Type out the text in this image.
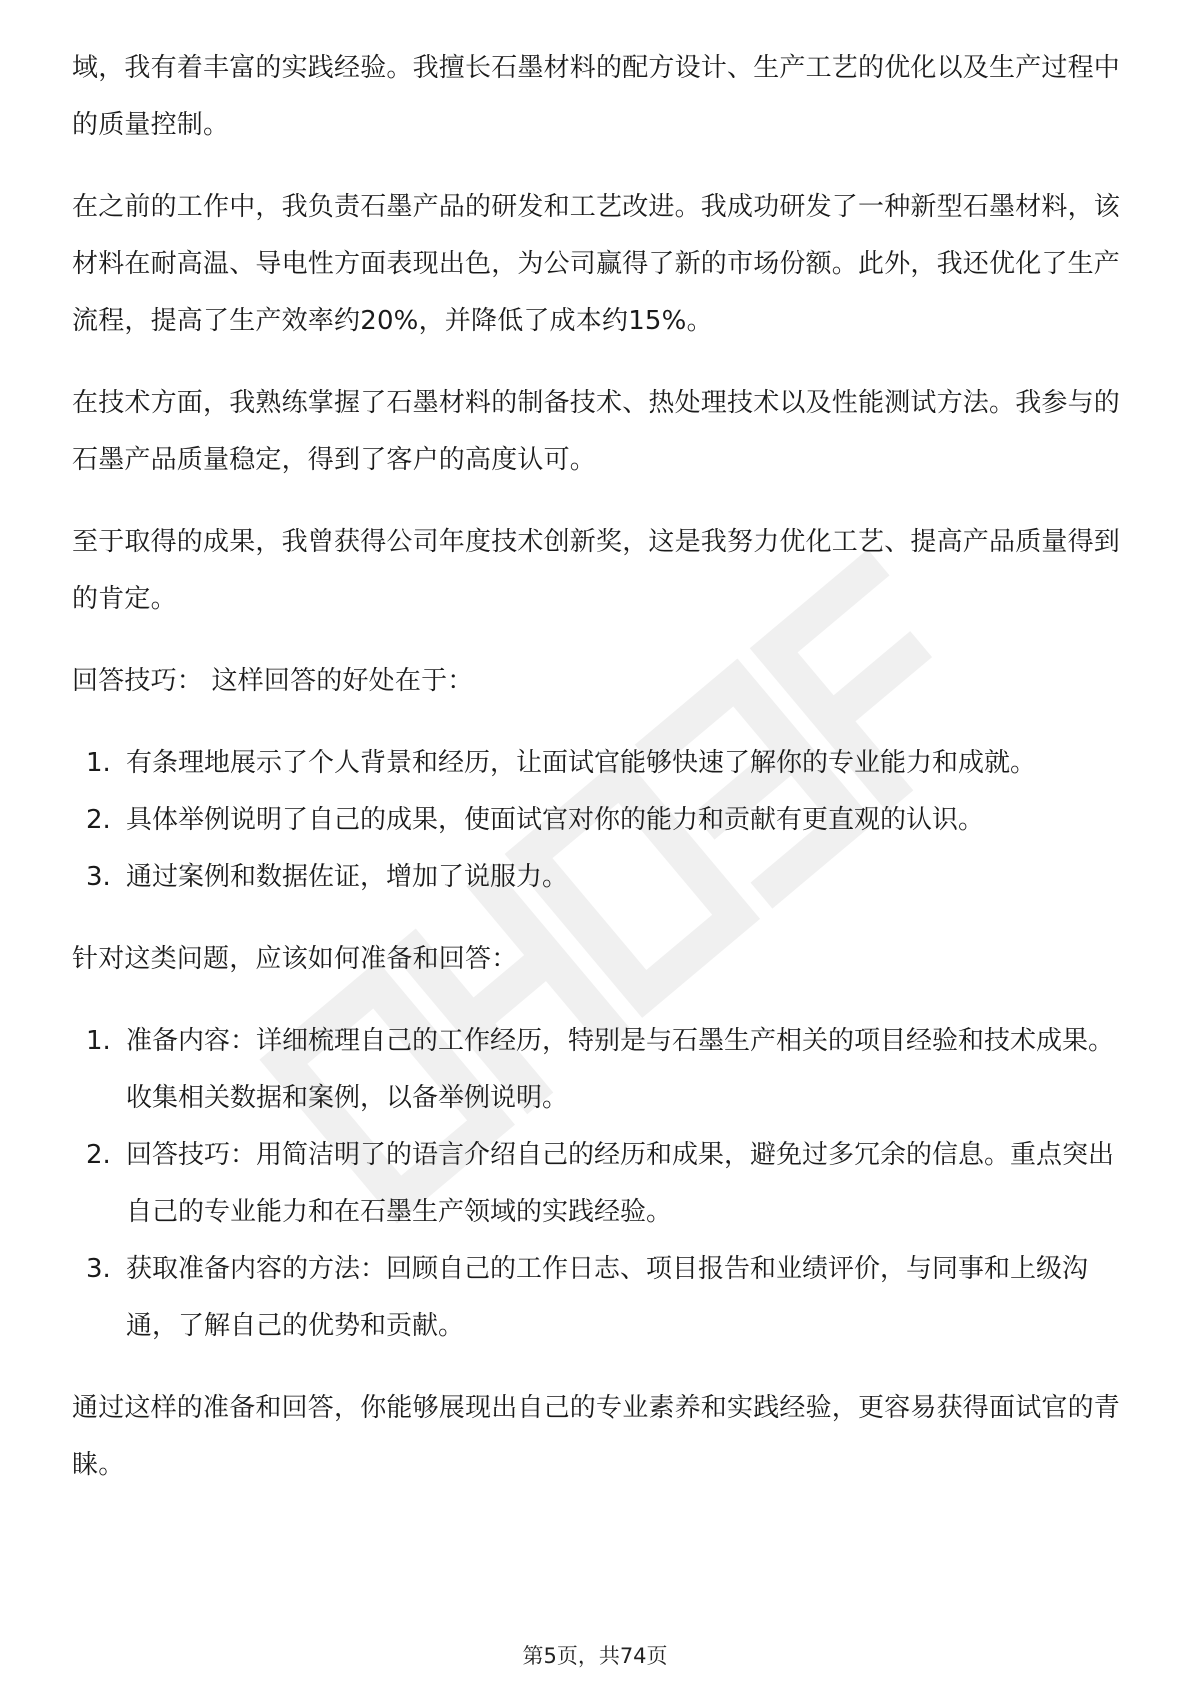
域，我有着丰富的实践经验。我擅长石墨材料的配方设计、生产工艺的优化以及生产过程中的质量控制。

在之前的工作中，我负责石墨产品的研发和工艺改进。我成功研发了一种新型石墨材料，该材料在耐高温、导电性方面表现出色，为公司赢得了新的市场份额。此外，我还优化了生产流程，提高了生产效率约20%，并降低了成本约15%。

在技术方面，我熟练掌握了石墨材料的制备技术、热处理技术以及性能测试方法。我参与的石墨产品质量稳定，得到了客户的高度认可。

至于取得的成果，我曾获得公司年度技术创新奖，这是我努力优化工艺、提高产品质量得到的肯定。

回答技巧： 这样回答的好处在于：

1. 有条理地展示了个人背景和经历，让面试官能够快速了解你的专业能力和成就。
2. 具体举例说明了自己的成果，使面试官对你的能力和贡献有更直观的认识。
3. 通过案例和数据佐证，增加了说服力。

针对这类问题，应该如何准备和回答：

1. 准备内容：详细梳理自己的工作经历，特别是与石墨生产相关的项目经验和技术成果。收集相关数据和案例，以备举例说明。
2. 回答技巧：用简洁明了的语言介绍自己的经历和成果，避免过多冗余的信息。重点突出自己的专业能力和在石墨生产领域的实践经验。
3. 获取准备内容的方法：回顾自己的工作日志、项目报告和业绩评价，与同事和上级沟通，了解自己的优势和贡献。

通过这样的准备和回答，你能够展现出自己的专业素养和实践经验，更容易获得面试官的青睐。

第5页，共74页
